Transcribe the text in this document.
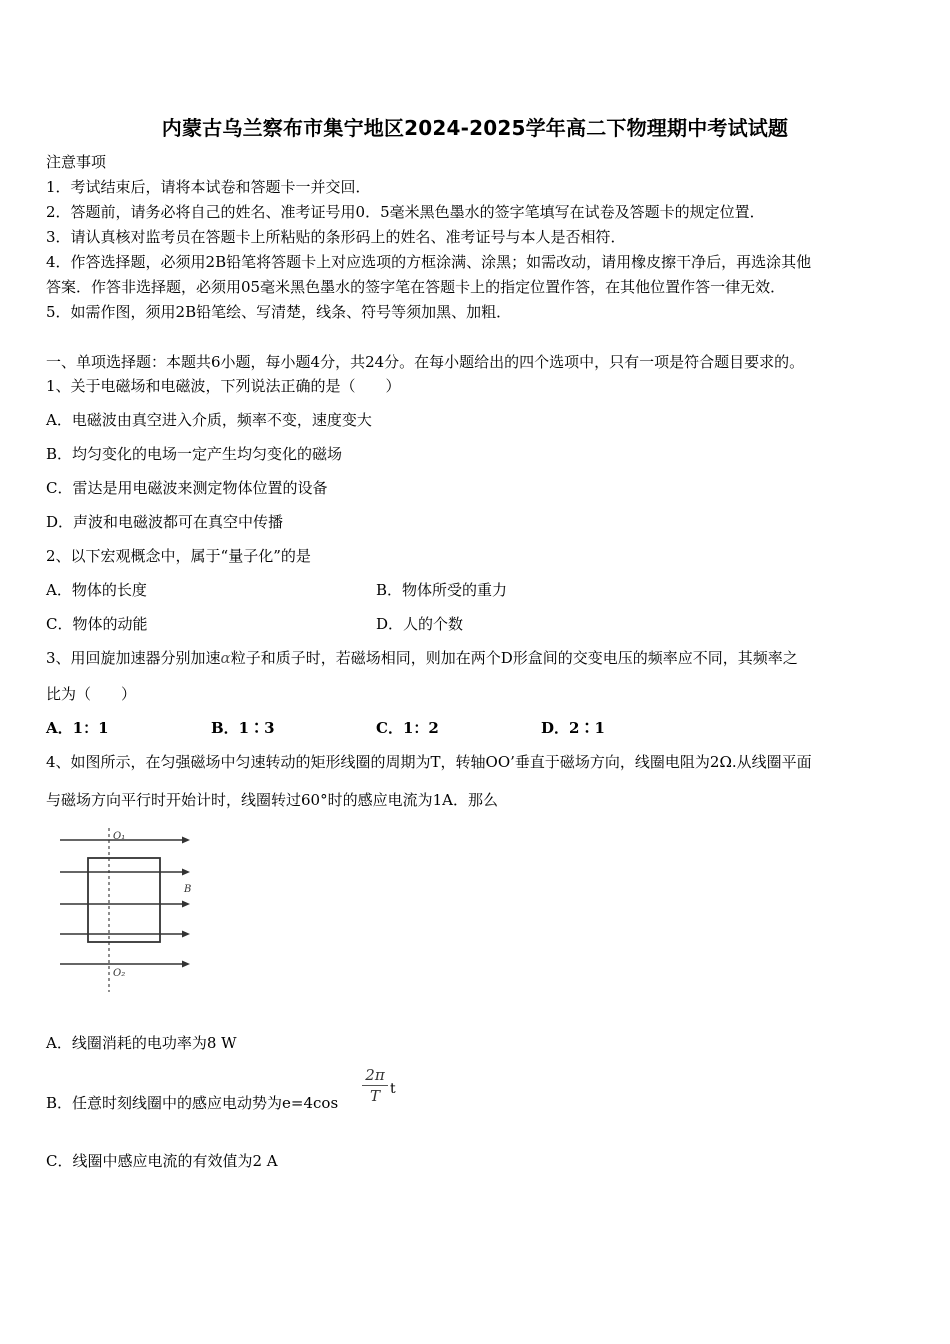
内蒙古乌兰察布市集宁地区2024-2025学年高二下物理期中考试试题
注意事项
1．考试结束后，请将本试卷和答题卡一并交回．
2．答题前，请务必将自己的姓名、准考证号用0．5毫米黑色墨水的签字笔填写在试卷及答题卡的规定位置．
3．请认真核对监考员在答题卡上所粘贴的条形码上的姓名、准考证号与本人是否相符．
4．作答选择题，必须用2B铅笔将答题卡上对应选项的方框涂满、涂黑；如需改动，请用橡皮擦干净后，再选涂其他
答案．作答非选择题，必须用05毫米黑色墨水的签字笔在答题卡上的指定位置作答，在其他位置作答一律无效．
5．如需作图，须用2B铅笔绘、写清楚，线条、符号等须加黑、加粗．
一、单项选择题：本题共6小题，每小题4分，共24分。在每小题给出的四个选项中，只有一项是符合题目要求的。
1、关于电磁场和电磁波，下列说法正确的是（　　）
A．电磁波由真空进入介质，频率不变，速度变大
B．均匀变化的电场一定产生均匀变化的磁场
C．雷达是用电磁波来测定物体位置的设备
D．声波和电磁波都可在真空中传播
2、以下宏观概念中，属于“量子化”的是
A．物体的长度	B．物体所受的重力
C．物体的动能	D．人的个数
3、用回旋加速器分别加速α粒子和质子时，若磁场相同，则加在两个D形盒间的交变电压的频率应不同，其频率之
比为（　　）
A．1：1	B．1∶3	C．1：2	D．2∶1
4、如图所示，在匀强磁场中匀速转动的矩形线圈的周期为T，转轴OO’垂直于磁场方向，线圈电阻为2Ω.从线圈平面
与磁场方向平行时开始计时，线圈转过60°时的感应电流为1A．那么
O₁
O₂
B
A．线圈消耗的电功率为8 W
B．任意时刻线圈中的感应电动势为e=4cos
2π
T t
C．线圈中感应电流的有效值为2 A
